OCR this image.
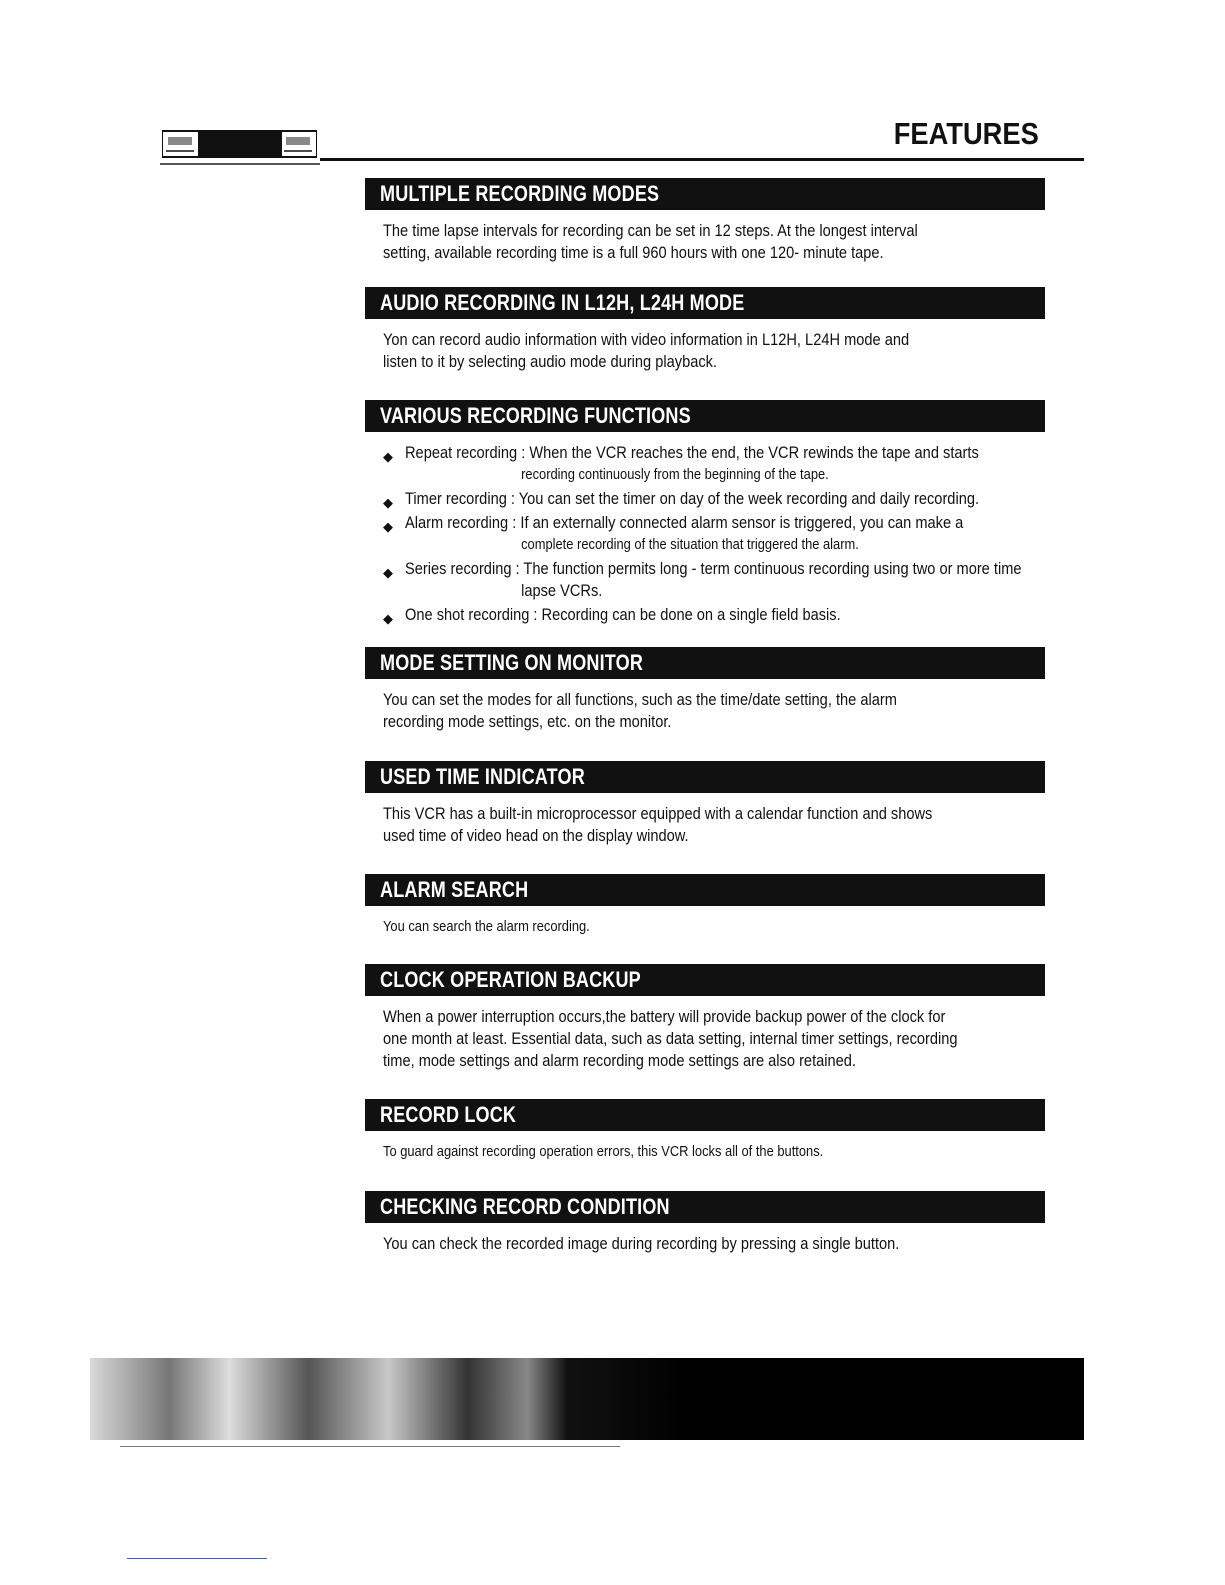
FEATURES
MULTIPLE RECORDING MODES

The time lapse intervals for recording can be set in 12 steps. At the longest interval

setting, available recording time is a full 960 hours with one 120- minute tape.

AUDIO RECORDING IN L12H, L24H MODE

Yon can record audio information with video information in L12H, L24H mode and

listen to it by selecting audio mode during playback.

VARIOUS RECORDING FUNCTIONS
◆ Repeat recording : When the VCR reaches the end, the VCR rewinds the tape and starts
recording continuously from the beginning of the tape.
◆ Timer recording : You can set the timer on day of the week recording and daily recording.
◆ Alarm recording : If an externally connected alarm sensor is triggered, you can make a
complete recording of the situation that triggered the alarm.
◆ Series recording : The function permits long - term continuous recording using two or more time
lapse VCRs.
◆ One shot recording : Recording can be done on a single field basis.
MODE SETTING ON MONITOR

You can set the modes for all functions, such as the time/date setting, the alarm

recording mode settings, etc. on the monitor.

USED TIME INDICATOR

This VCR has a built-in microprocessor equipped with a calendar function and shows

used time of video head on the display window.

ALARM SEARCH

You can search the alarm recording.

CLOCK OPERATION BACKUP

When a power interruption occurs,the battery will provide backup power of the clock for

one month at least. Essential data, such as data setting, internal timer settings, recording

time, mode settings and alarm recording mode settings are also retained.

RECORD LOCK

To guard against recording operation errors, this VCR locks all of the buttons.

CHECKING RECORD CONDITION

You can check the recorded image during recording by pressing a single button.
